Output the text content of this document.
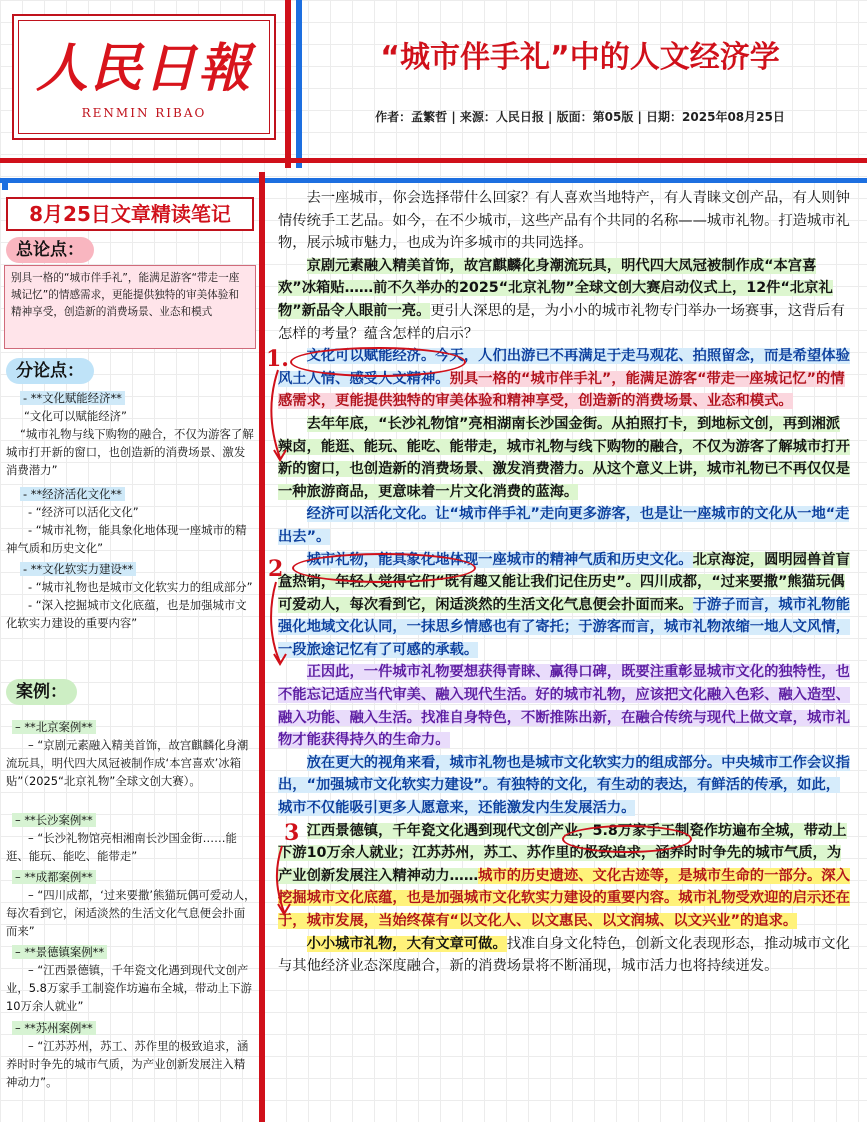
人民日報
RENMIN RIBAO
“城市伴手礼”中的人文经济学
作者：孟繁哲 | 来源：人民日报 | 版面：第05版 | 日期：2025年08月25日
8月25日文章精读笔记
总论点：
别具一格的“城市伴手礼”，能满足游客“带走一座城记忆”的情感需求，更能提供独特的审美体验和精神享受，创造新的消费场景、业态和模式
分论点：
- **文化赋能经济**
“文化可以赋能经济”
“城市礼物与线下购物的融合，不仅为游客了解城市打开新的窗口，也创造新的消费场景、激发消费潜力”
- **经济活化文化**
- “经济可以活化文化”
- “城市礼物，能具象化地体现一座城市的精神气质和历史文化”
- **文化软实力建设**
- “城市礼物也是城市文化软实力的组成部分”
- “深入挖掘城市文化底蕴，也是加强城市文化软实力建设的重要内容”
案例：
– **北京案例**
– “京剧元素融入精美首饰，故宫麒麟化身潮流玩具，明代四大凤冠被制作成‘本宫喜欢’冰箱贴”（2025“北京礼物”全球文创大赛）。
– **长沙案例**
– “长沙礼物馆亮相湘南长沙国金街……能逛、能玩、能吃、能带走”
– **成都案例**
– “四川成都，‘过来要撒’熊猫玩偶可爱动人，每次看到它，闲适淡然的生活文化气息便会扑面而来”
– **景德镇案例**
– “江西景德镇，千年瓷文化遇到现代文创产业，5.8万家手工制瓷作坊遍布全城，带动上下游10万余人就业”
– **苏州案例**
– “江苏苏州，苏工、苏作里的极致追求，涵养时时争先的城市气质，为产业创新发展注入精神动力”。

去一座城市，你会选择带什么回家？有人喜欢当地特产，有人青睐文创产品，有人则钟情传统手工艺品。如今，在不少城市，这些产品有个共同的名称——城市礼物。打造城市礼物，展示城市魅力，也成为许多城市的共同选择。

京剧元素融入精美首饰，故宫麒麟化身潮流玩具，明代四大凤冠被制作成“本宫喜欢”冰箱贴……前不久举办的2025“北京礼物”全球文创大赛启动仪式上，12件“北京礼物”新品令人眼前一亮。更引人深思的是，为小小的城市礼物专门举办一场赛事，这背后有怎样的考量？蕴含怎样的启示？

文化可以赋能经济。今天，人们出游已不再满足于走马观花、拍照留念，而是希望体验风土人情、感受人文精神。别具一格的“城市伴手礼”，能满足游客“带走一座城记忆”的情感需求，更能提供独特的审美体验和精神享受，创造新的消费场景、业态和模式。

去年年底，“长沙礼物馆”亮相湖南长沙国金街。从拍照打卡，到地标文创，再到湘派辣卤，能逛、能玩、能吃、能带走，城市礼物与线下购物的融合，不仅为游客了解城市打开新的窗口，也创造新的消费场景、激发消费潜力。从这个意义上讲，城市礼物已不再仅仅是一种旅游商品，更意味着一片文化消费的蓝海。

经济可以活化文化。让“城市伴手礼”走向更多游客，也是让一座城市的文化从一地“走出去”。

城市礼物，能具象化地体现一座城市的精神气质和历史文化。北京海淀，圆明园兽首盲盒热销，年轻人觉得它们“既有趣又能让我们记住历史”。四川成都，“过来要撒”熊猫玩偶可爱动人，每次看到它，闲适淡然的生活文化气息便会扑面而来。于游子而言，城市礼物能强化地域文化认同，一抹思乡情感也有了寄托；于游客而言，城市礼物浓缩一地人文风情，一段旅途记忆有了可感的承载。

正因此，一件城市礼物要想获得青睐、赢得口碑，既要注重彰显城市文化的独特性，也不能忘记适应当代审美、融入现代生活。好的城市礼物，应该把文化融入色彩、融入造型、融入功能、融入生活。找准自身特色，不断推陈出新，在融合传统与现代上做文章，城市礼物才能获得持久的生命力。

放在更大的视角来看，城市礼物也是城市文化软实力的组成部分。中央城市工作会议指出，“加强城市文化软实力建设”。有独特的文化，有生动的表达，有鲜活的传承，如此，城市不仅能吸引更多人愿意来，还能激发内生发展活力。

江西景德镇，千年瓷文化遇到现代文创产业，5.8万家手工制瓷作坊遍布全城，带动上下游10万余人就业；江苏苏州，苏工、苏作里的极致追求，涵养时时争先的城市气质，为产业创新发展注入精神动力……城市的历史遗迹、文化古迹等，是城市生命的一部分。深入挖掘城市文化底蕴，也是加强城市文化软实力建设的重要内容。城市礼物受欢迎的启示还在于，城市发展，当始终葆有“以文化人、以文惠民、以文润城、以文兴业”的追求。

小小城市礼物，大有文章可做。找准自身文化特色，创新文化表现形态，推动城市文化与其他经济业态深度融合，新的消费场景将不断涌现，城市活力也将持续迸发。

1.
2
3
